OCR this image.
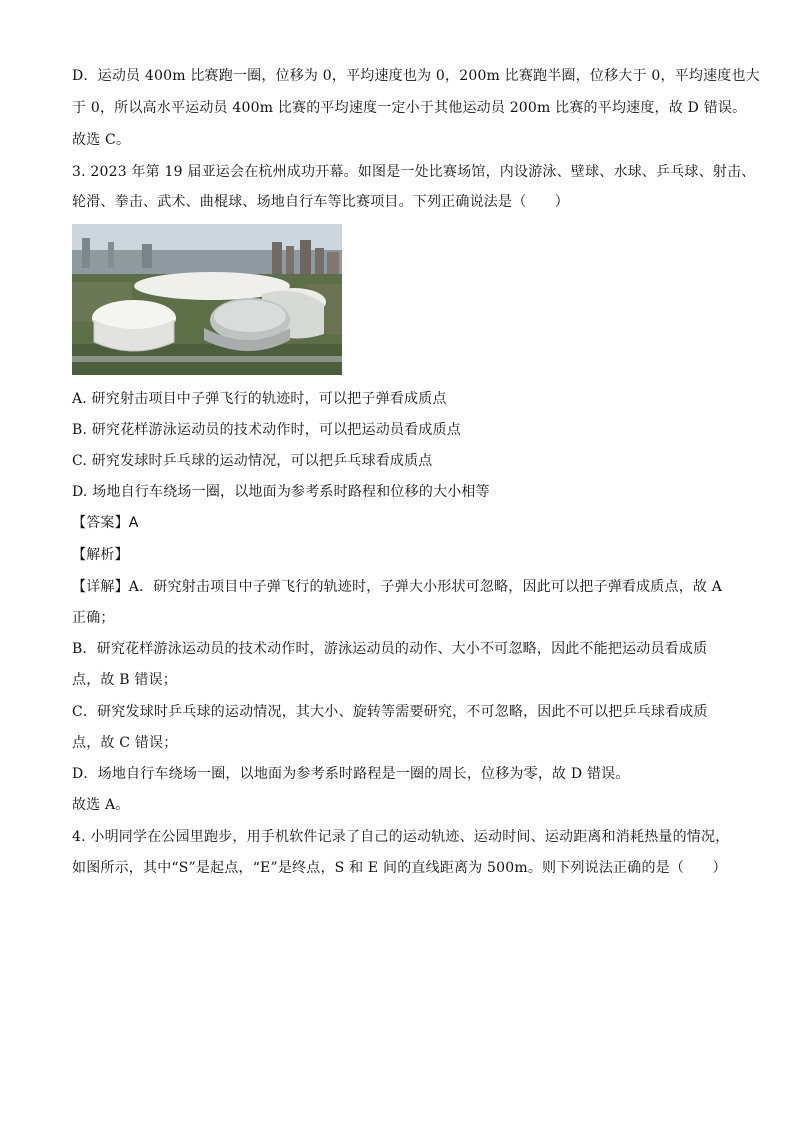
D．运动员 400m 比赛跑一圈，位移为 0，平均速度也为 0，200m 比赛跑半圈，位移大于 0，平均速度也大
于 0，所以高水平运动员 400m 比赛的平均速度一定小于其他运动员 200m 比赛的平均速度，故 D 错误。
故选 C。
3. 2023 年第 19 届亚运会在杭州成功开幕。如图是一处比赛场馆，内设游泳、壁球、水球、乒乓球、射击、
轮滑、拳击、武术、曲棍球、场地自行车等比赛项目。下列正确说法是（　　）
A. 研究射击项目中子弹飞行的轨迹时，可以把子弹看成质点
B. 研究花样游泳运动员的技术动作时，可以把运动员看成质点
C. 研究发球时乒乓球的运动情况，可以把乒乓球看成质点
D. 场地自行车绕场一圈，以地面为参考系时路程和位移的大小相等
【答案】A
【解析】
【详解】A．研究射击项目中子弹飞行的轨迹时，子弹大小形状可忽略，因此可以把子弹看成质点，故 A
正确；
B．研究花样游泳运动员的技术动作时，游泳运动员的动作、大小不可忽略，因此不能把运动员看成质
点，故 B 错误；
C．研究发球时乒乓球的运动情况，其大小、旋转等需要研究，不可忽略，因此不可以把乒乓球看成质
点，故 C 错误；
D．场地自行车绕场一圈，以地面为参考系时路程是一圈的周长，位移为零，故 D 错误。
故选 A。
4. 小明同学在公园里跑步，用手机软件记录了自己的运动轨迹、运动时间、运动距离和消耗热量的情况，
如图所示，其中“S”是起点，“E”是终点，S 和 E 间的直线距离为 500m。则下列说法正确的是（　　）
